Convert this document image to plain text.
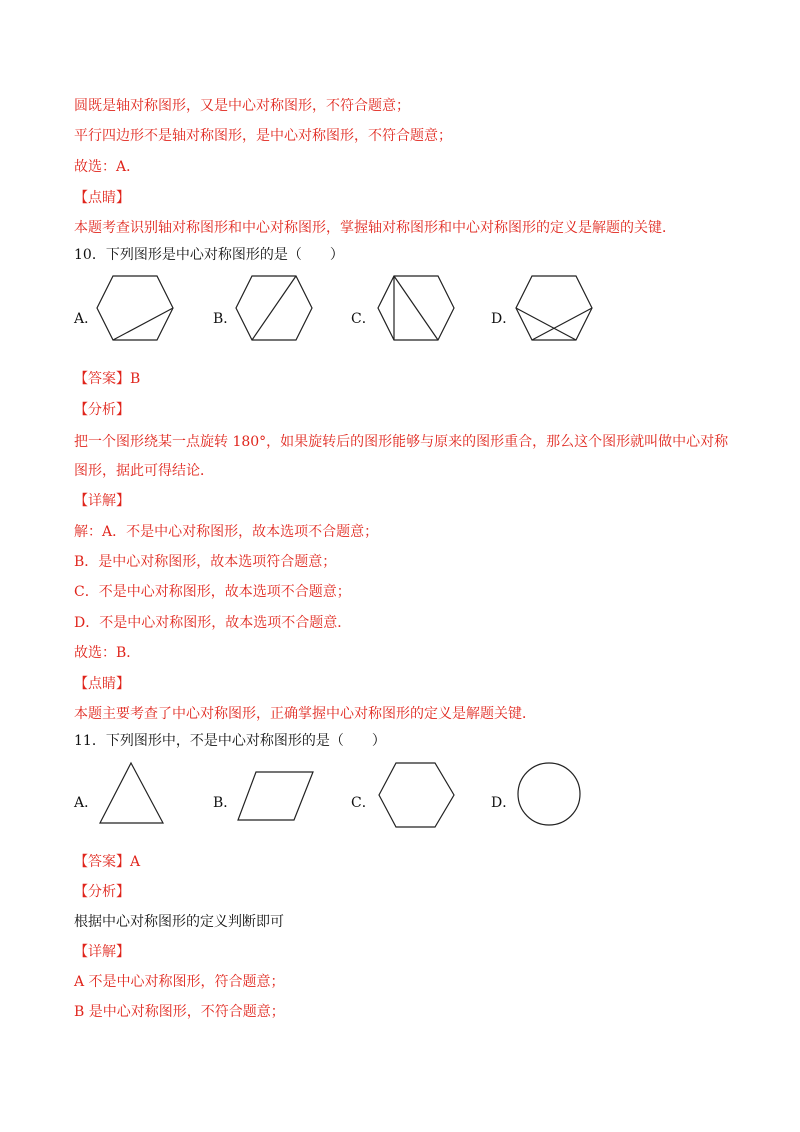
圆既是轴对称图形，又是中心对称图形，不符合题意；
平行四边形不是轴对称图形，是中心对称图形，不符合题意；
故选：A．
【点睛】
本题考查识别轴对称图形和中心对称图形，掌握轴对称图形和中心对称图形的定义是解题的关键．
10．下列图形是中心对称图形的是（　　）
A．	B．	C．	D．
【答案】B
【分析】
把一个图形绕某一点旋转 180°，如果旋转后的图形能够与原来的图形重合，那么这个图形就叫做中心对称
图形，据此可得结论．
【详解】
解：A．不是中心对称图形，故本选项不合题意；
B．是中心对称图形，故本选项符合题意；
C．不是中心对称图形，故本选项不合题意；
D．不是中心对称图形，故本选项不合题意．
故选：B．
【点睛】
本题主要考查了中心对称图形，正确掌握中心对称图形的定义是解题关键．
11．下列图形中，不是中心对称图形的是（　　）
A．	B．	C．	D．
【答案】A
【分析】
根据中心对称图形的定义判断即可
【详解】
A 不是中心对称图形，符合题意；
B 是中心对称图形，不符合题意；
